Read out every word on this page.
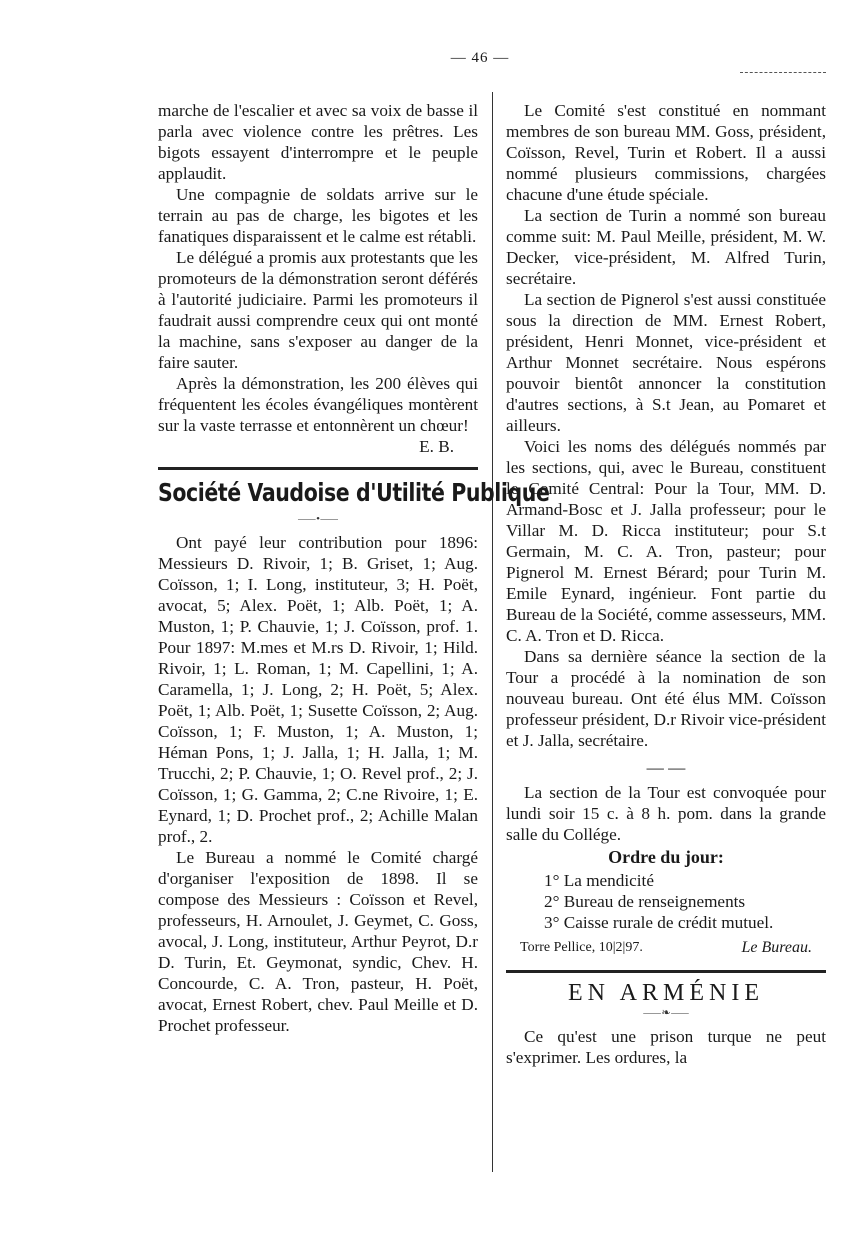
— 46 —

marche de l'escalier et avec sa voix de basse il parla avec violence contre les prêtres. Les bigots essayent d'interrompre et le peuple applaudit.

Une compagnie de soldats arrive sur le terrain au pas de charge, les bigotes et les fanatiques disparaissent et le calme est rétabli.

Le délégué a promis aux protestants que les promoteurs de la démonstration seront déférés à l'autorité judiciaire. Parmi les promoteurs il faudrait aussi comprendre ceux qui ont monté la machine, sans s'exposer au danger de la faire sauter.

Après la démonstration, les 200 élèves qui fréquentent les écoles évangéliques montèrent sur la vaste terrasse et entonnèrent un chœur!

E. B.

Société Vaudoise d'Utilité Publique
⸺•⸺

Ont payé leur contribution pour 1896: Messieurs D. Rivoir, 1; B. Griset, 1; Aug. Coïsson, 1; I. Long, instituteur, 3; H. Poët, avocat, 5; Alex. Poët, 1; Alb. Poët, 1; A. Muston, 1; P. Chauvie, 1; J. Coïsson, prof. 1. Pour 1897: M.mes et M.rs D. Rivoir, 1; Hild. Rivoir, 1; L. Roman, 1; M. Capellini, 1; A. Caramella, 1; J. Long, 2; H. Poët, 5; Alex. Poët, 1; Alb. Poët, 1; Susette Coïsson, 2; Aug. Coïsson, 1; F. Muston, 1; A. Muston, 1; Héman Pons, 1; J. Jalla, 1; H. Jalla, 1; M. Trucchi, 2; P. Chauvie, 1; O. Revel prof., 2; J. Coïsson, 1; G. Gamma, 2; C.ne Rivoire, 1; E. Eynard, 1; D. Prochet prof., 2; Achille Malan prof., 2.

Le Bureau a nommé le Comité chargé d'organiser l'exposition de 1898. Il se compose des Messieurs : Coïsson et Revel, professeurs, H. Arnoulet, J. Geymet, C. Goss, avocal, J. Long, instituteur, Arthur Peyrot, D.r D. Turin, Et. Geymonat, syndic, Chev. H. Concourde, C. A. Tron, pasteur, H. Poët, avocat, Ernest Robert, chev. Paul Meille et D. Prochet professeur.

Le Comité s'est constitué en nommant membres de son bureau MM. Goss, président, Coïsson, Revel, Turin et Robert. Il a aussi nommé plusieurs commissions, chargées chacune d'une étude spéciale.

La section de Turin a nommé son bureau comme suit: M. Paul Meille, président, M. W. Decker, vice-président, M. Alfred Turin, secrétaire.

La section de Pignerol s'est aussi constituée sous la direction de MM. Ernest Robert, président, Henri Monnet, vice-président et Arthur Monnet secrétaire. Nous espérons pouvoir bientôt annoncer la constitution d'autres sections, à S.t Jean, au Pomaret et ailleurs.

Voici les noms des délégués nommés par les sections, qui, avec le Bureau, constituent le Comité Central: Pour la Tour, MM. D. Armand-Bosc et J. Jalla professeur; pour le Villar M. D. Ricca instituteur; pour S.t Germain, M. C. A. Tron, pasteur; pour Pignerol M. Ernest Bérard; pour Turin M. Emile Eynard, ingénieur. Font partie du Bureau de la Société, comme assesseurs, MM. C. A. Tron et D. Ricca.

Dans sa dernière séance la section de la Tour a procédé à la nomination de son nouveau bureau. Ont été élus MM. Coïsson professeur président, D.r Rivoir vice-président et J. Jalla, secrétaire.

— —

La section de la Tour est convoquée pour lundi soir 15 c. à 8 h. pom. dans la grande salle du Collége.

Ordre du jour:

1° La mendicité

2° Bureau de renseignements

3° Caisse rurale de crédit mutuel.

Torre Pellice, 10|2|97.	Le Bureau.
EN ARMÉNIE
⸺❧⸺

Ce qu'est une prison turque ne peut s'exprimer. Les ordures, la
